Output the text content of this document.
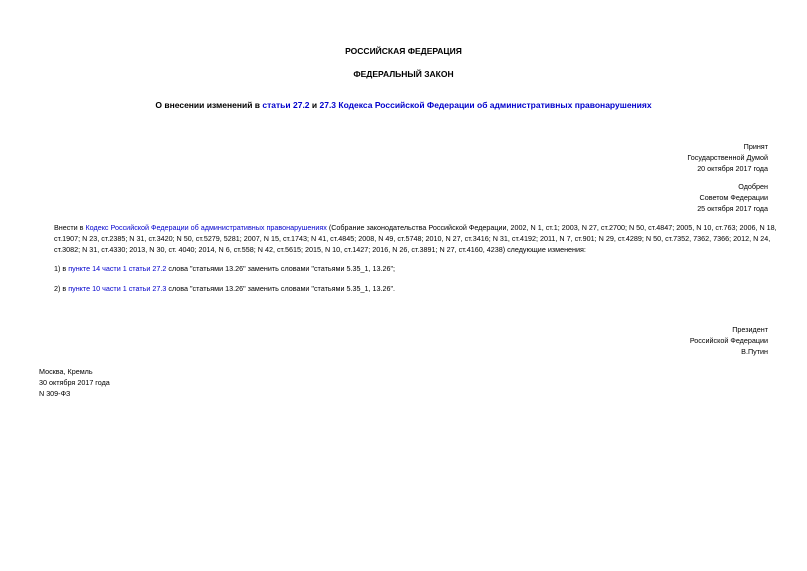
РОССИЙСКАЯ ФЕДЕРАЦИЯ
ФЕДЕРАЛЬНЫЙ ЗАКОН
О внесении изменений в статьи 27.2 и 27.3 Кодекса Российской Федерации об административных правонарушениях
Принят
Государственной Думой
20 октября 2017 года
Одобрен
Советом Федерации
25 октября 2017 года
Внести в Кодекс Российской Федерации об административных правонарушениях (Собрание законодательства Российской Федерации, 2002, N 1, ст.1; 2003, N 27, ст.2700; N 50, ст.4847; 2005, N 10, ст.763; 2006, N 18, ст.1907; N 23, ст.2385; N 31, ст.3420; N 50, ст.5279, 5281; 2007, N 15, ст.1743; N 41, ст.4845; 2008, N 49, ст.5748; 2010, N 27, ст.3416; N 31, ст.4192; 2011, N 7, ст.901; N 29, ст.4289; N 50, ст.7352, 7362, 7366; 2012, N 24, ст.3082; N 31, ст.4330; 2013, N 30, ст. 4040; 2014, N 6, ст.558; N 42, ст.5615; 2015, N 10, ст.1427; 2016, N 26, ст.3891; N 27, ст.4160, 4238) следующие изменения:
1) в пункте 14 части 1 статьи 27.2 слова "статьями 13.26" заменить словами "статьями 5.35_1, 13.26";
2) в пункте 10 части 1 статьи 27.3 слова "статьями 13.26" заменить словами "статьями 5.35_1, 13.26".
Президент
Российской Федерации
В.Путин
Москва, Кремль
30 октября 2017 года
N 309-ФЗ
